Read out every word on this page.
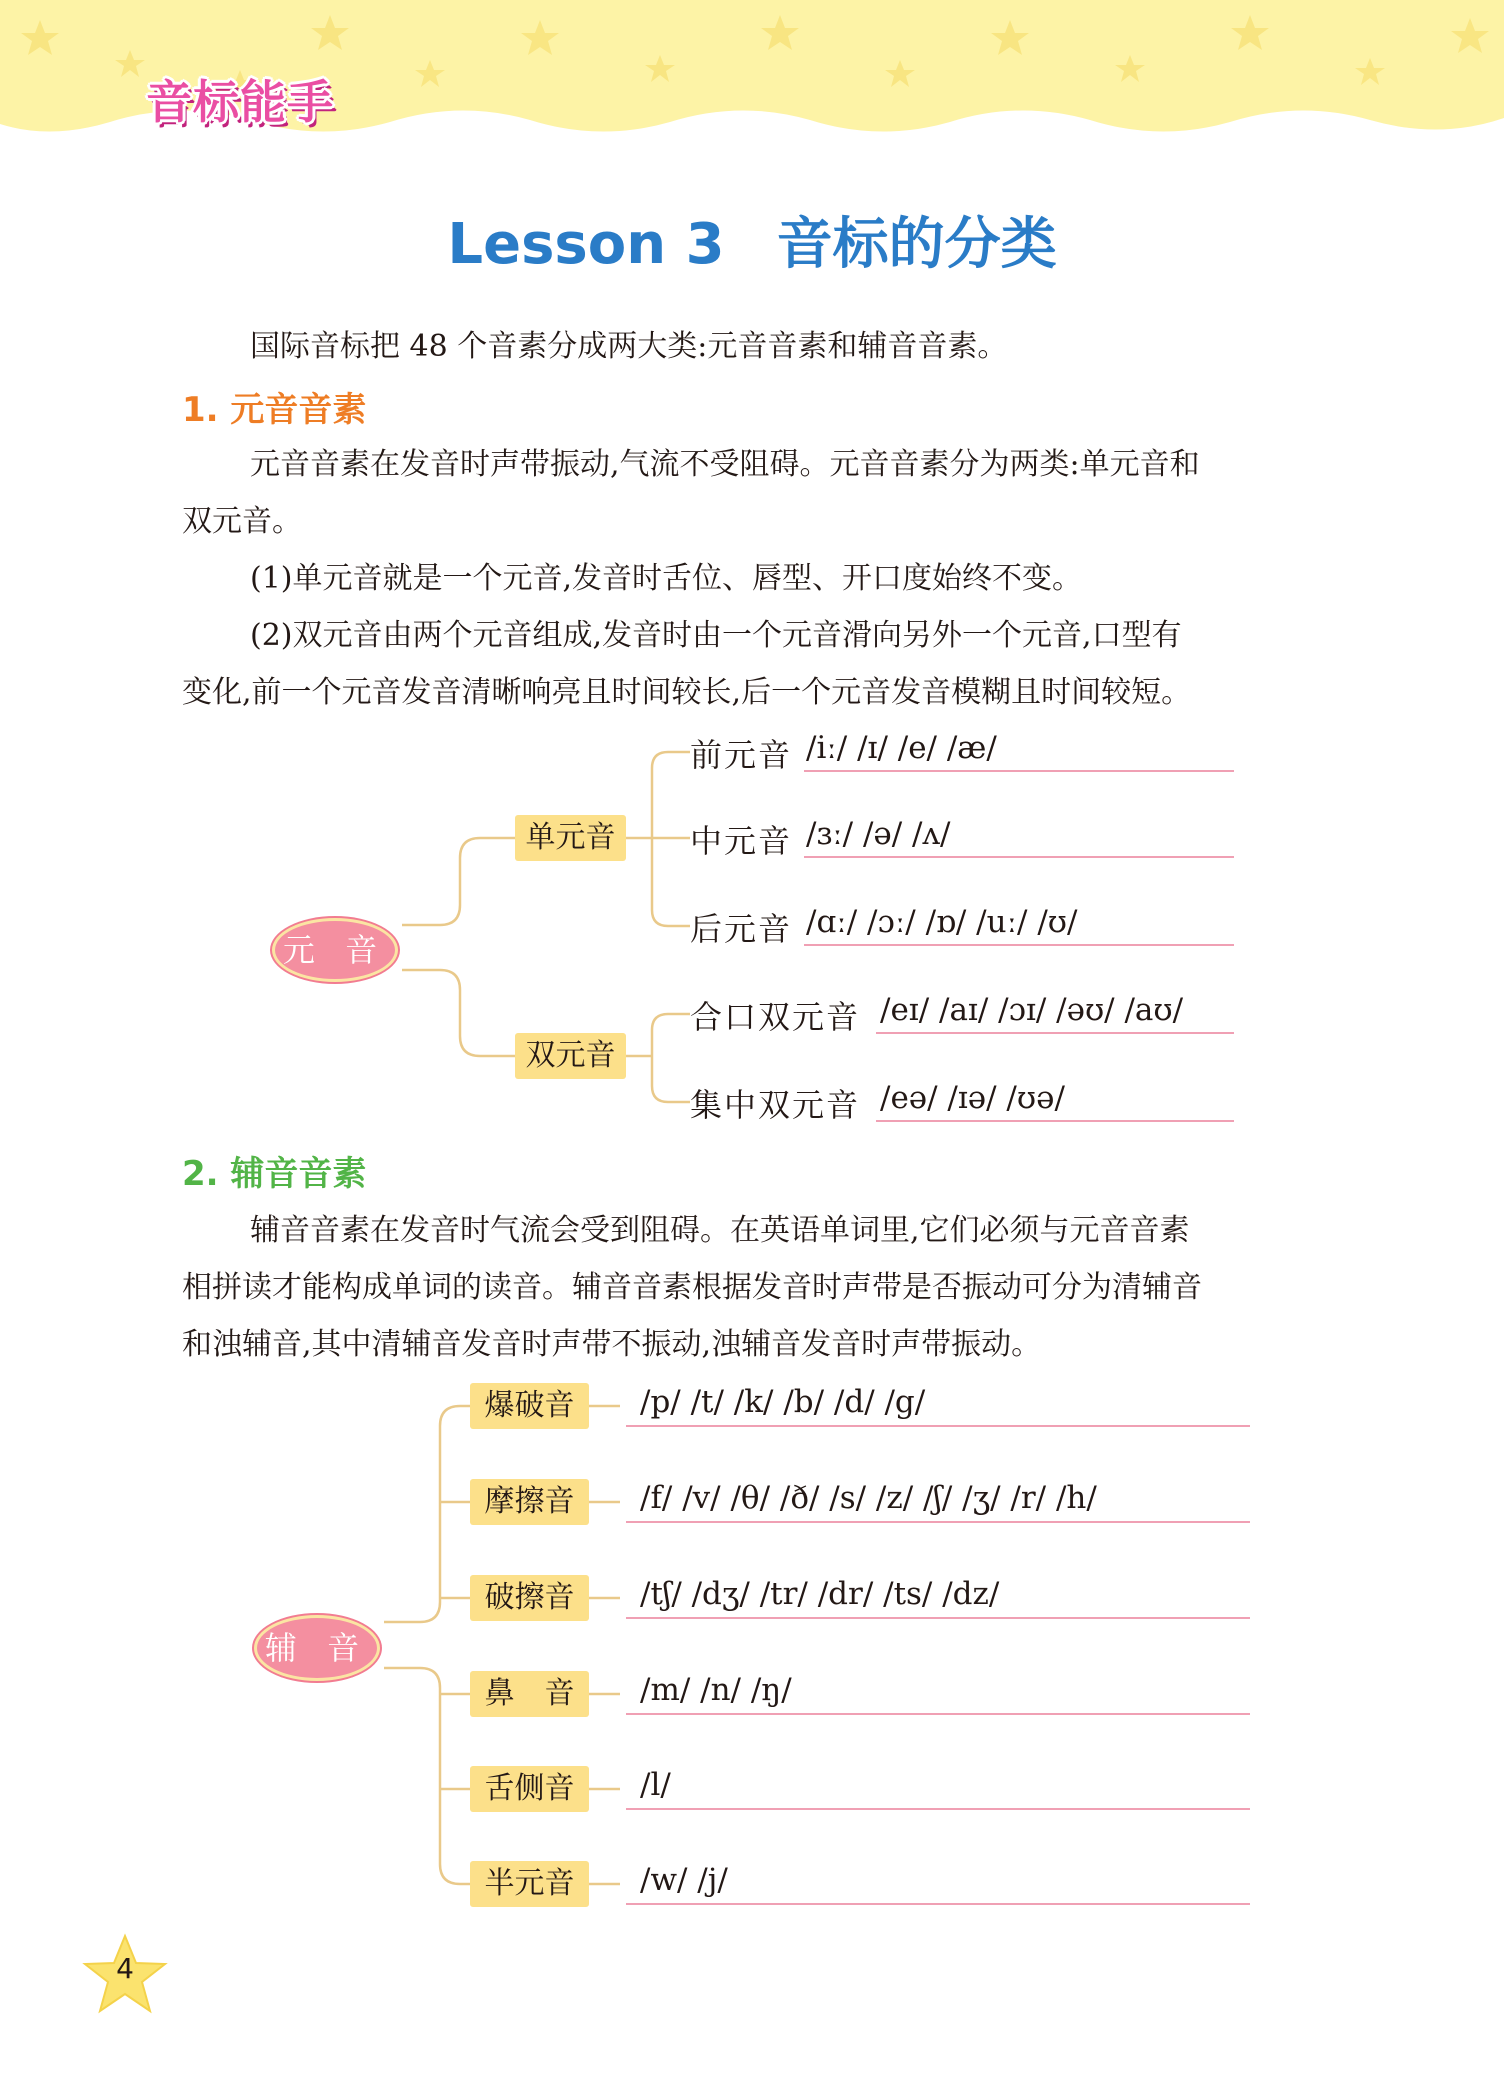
音标能手
Lesson 3 音标的分类
国际音标把 48 个音素分成两大类:元音音素和辅音音素。
1. 元音音素
元音音素在发音时声带振动,气流不受阻碍。元音音素分为两类:单元音和
双元音。
(1)单元音就是一个元音,发音时舌位、唇型、开口度始终不变。
(2)双元音由两个元音组成,发音时由一个元音滑向另外一个元音,口型有
变化,前一个元音发音清晰响亮且时间较长,后一个元音发音模糊且时间较短。
元 音
单元音
双元音
前元音 /iː/ /ɪ/ /e/ /æ/
中元音 /ɜː/ /ə/ /ʌ/
后元音 /ɑː/ /ɔː/ /ɒ/ /uː/ /ʊ/
合口双元音 /eɪ/ /aɪ/ /ɔɪ/ /əʊ/ /aʊ/
集中双元音 /eə/ /ɪə/ /ʊə/
2. 辅音音素
辅音音素在发音时气流会受到阻碍。在英语单词里,它们必须与元音音素
相拼读才能构成单词的读音。辅音音素根据发音时声带是否振动可分为清辅音
和浊辅音,其中清辅音发音时声带不振动,浊辅音发音时声带振动。
辅 音
爆破音	/p/ /t/ /k/ /b/ /d/ /g/
摩擦音	/f/ /v/ /θ/ /ð/ /s/ /z/ /ʃ/ /ʒ/ /r/ /h/
破擦音	/tʃ/ /dʒ/ /tr/ /dr/ /ts/ /dz/
鼻　音	/m/ /n/ /ŋ/
舌侧音	/l/
半元音	/w/ /j/
4
